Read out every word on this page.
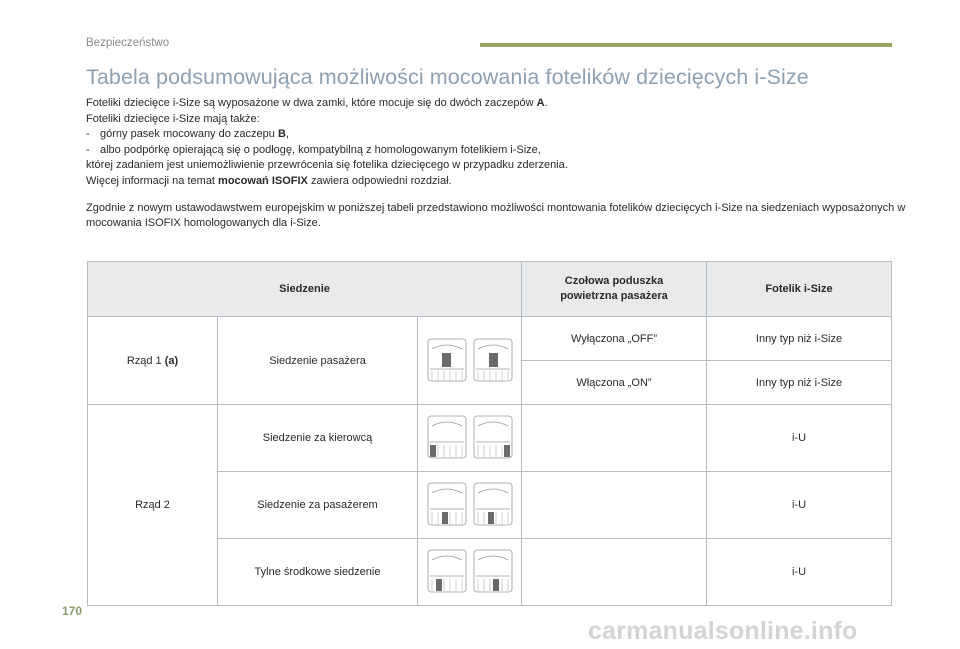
Bezpieczeństwo
Tabela podsumowująca możliwości mocowania fotelików dziecięcych i-Size

Foteliki dziecięce i-Size są wyposażone w dwa zamki, które mocuje się do dwóch zaczepów A.

Foteliki dziecięce i-Size mają także:

- górny pasek mocowany do zaczepu B,

- albo podpórkę opierającą się o podłogę, kompatybilną z homologowanym fotelikiem i-Size,

której zadaniem jest uniemożliwienie przewrócenia się fotelika dziecięcego w przypadku zderzenia.

Więcej informacji na temat mocowań ISOFIX zawiera odpowiedni rozdział.

Zgodnie z nowym ustawodawstwem europejskim w poniższej tabeli przedstawiono możliwości montowania fotelików dziecięcych i-Size na siedzeniach wyposażonych w mocowania ISOFIX homologowanych dla i-Size.

Siedzenie			Czołowa poduszka
powietrzna pasażera	Fotelik i-Size
Rząd 1 (a)	Siedzenie pasażera		Wyłączona „OFF”	Inny typ niż i-Size
			Włączona „ON”	Inny typ niż i-Size
Rząd 2	Siedzenie za kierowcą			i-U
	Siedzenie za pasażerem			i-U
	Tylne środkowe siedzenie			i-U
170
carmanualsonline.info
